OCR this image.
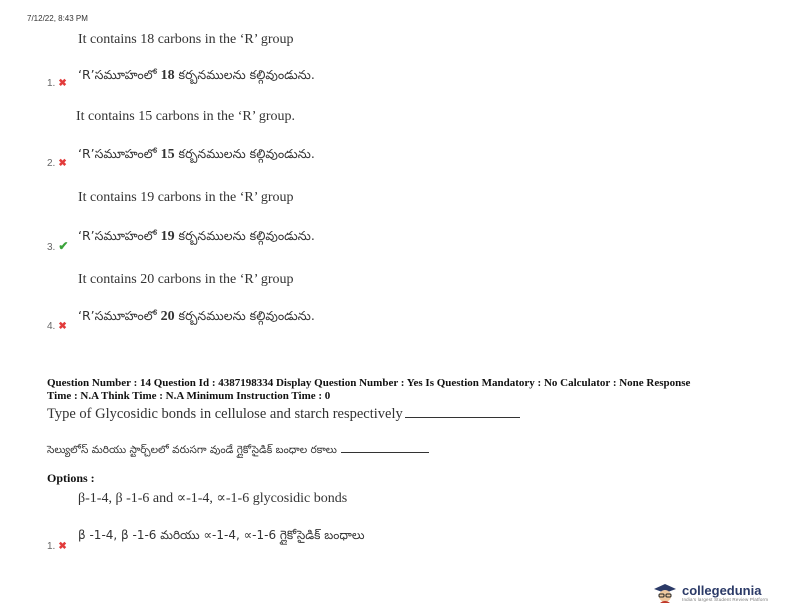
7/12/22, 8:43 PM
It contains 18 carbons in the ‘R’ group
‘R’సమూహంలో 18 కర్బనములను కల్గివుండును.
1. ✖
It contains 15 carbons in the ‘R’ group.
‘R’సమూహంలో 15 కర్బనములను కల్గివుండును.
2. ✖
It contains 19 carbons in the ‘R’ group
‘R’సమూహంలో 19 కర్బనములను కల్గివుండును.
3. ✔
It contains 20 carbons in the ‘R’ group
‘R’సమూహంలో 20 కర్బనములను కల్గివుండును.
4. ✖
Question Number : 14 Question Id : 4387198334 Display Question Number : Yes Is Question Mandatory : No Calculator : None Response
Time : N.A Think Time : N.A Minimum Instruction Time : 0
Type of Glycosidic bonds in cellulose and starch respectively
సెల్యులోస్ మరియు స్టార్చ్‌లలో వరుసగా వుండే గ్లైకోసైడిక్ బంధాల రకాలు
Options :
β-1-4, β -1-6 and ∝-1-4, ∝-1-6 glycosidic bonds
β -1-4, β -1-6 మరియు ∝-1-4, ∝-1-6 గ్లైకోసైడిక్ బంధాలు
1. ✖
collegedunia
India's largest Student Review Platform
